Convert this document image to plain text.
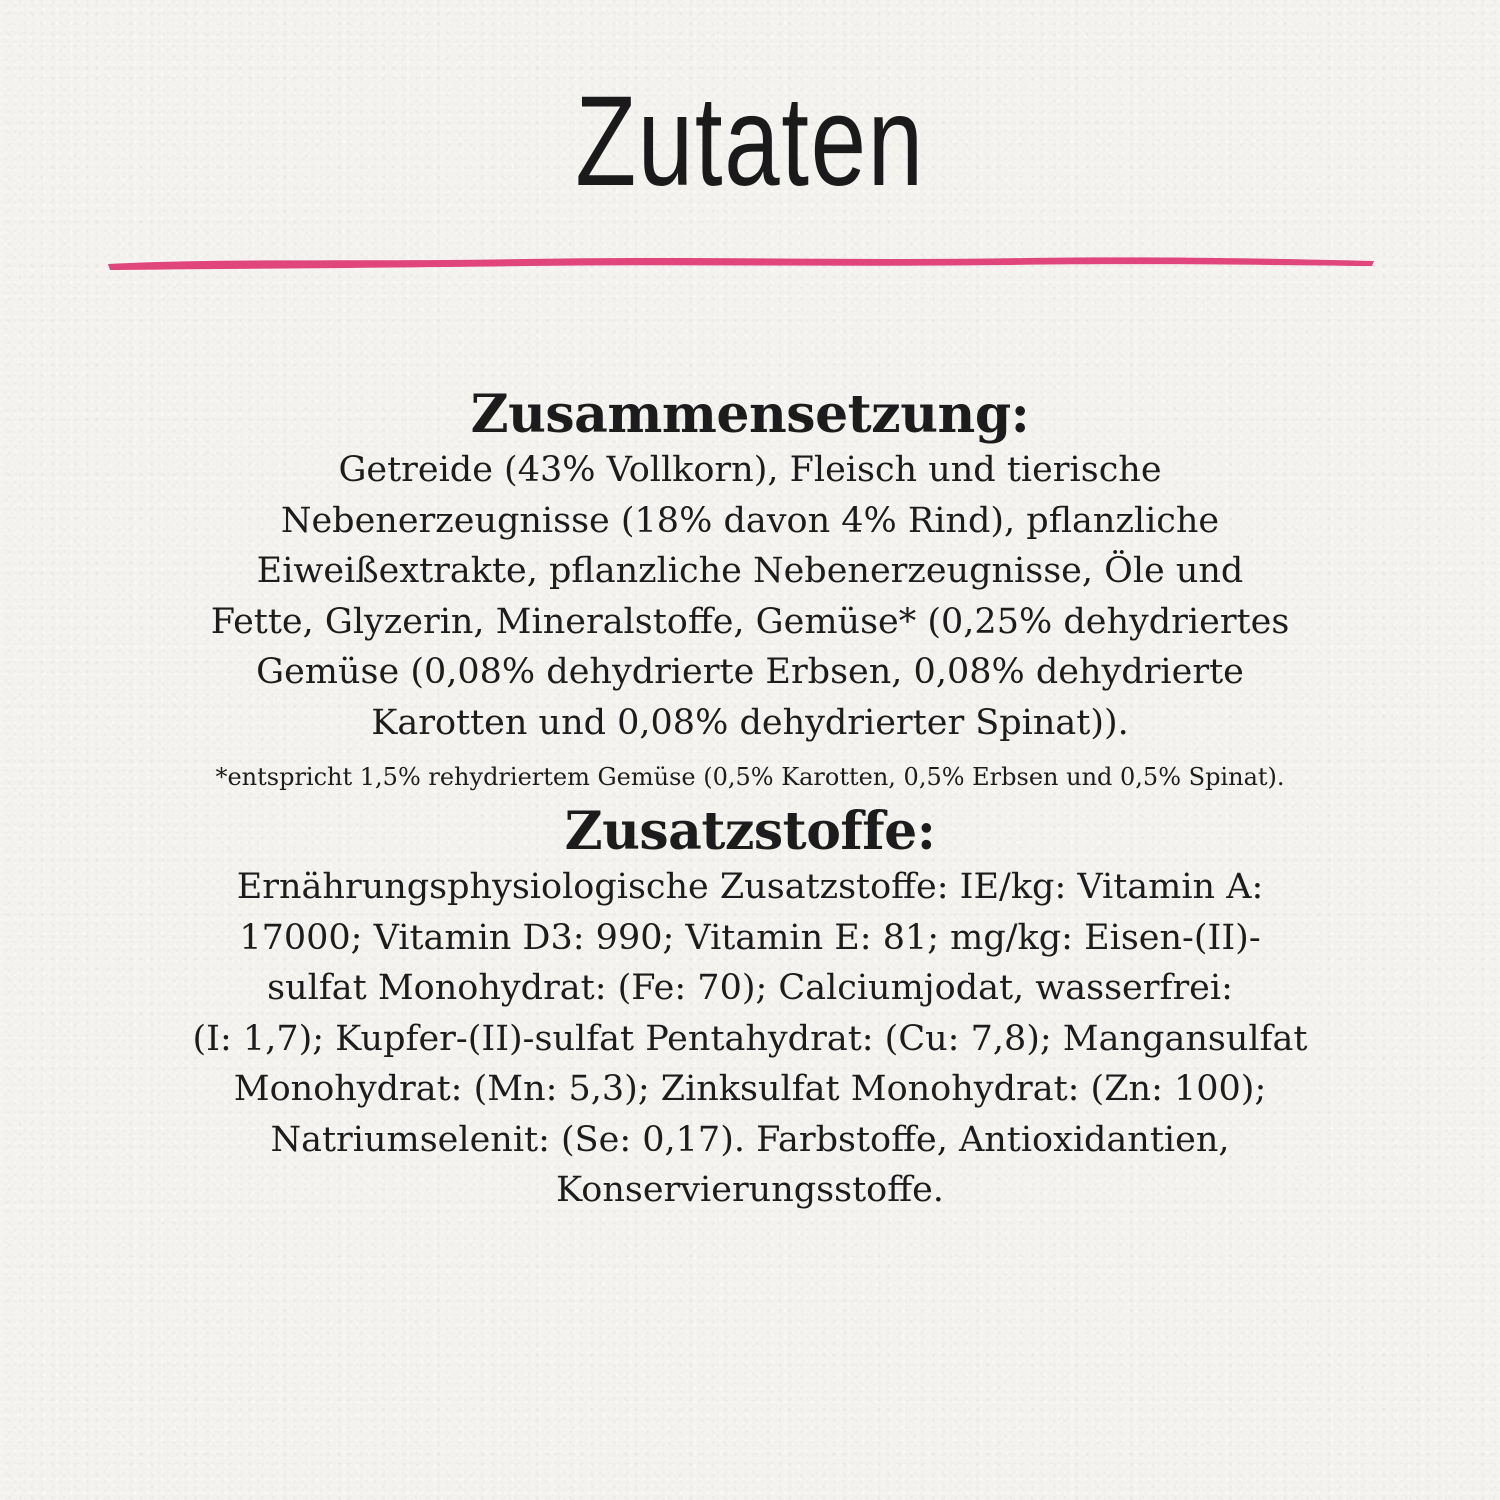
Zutaten
Zusammensetzung:
Getreide (43% Vollkorn), Fleisch und tierische
Nebenerzeugnisse (18% davon 4% Rind), pflanzliche
Eiweißextrakte, pflanzliche Nebenerzeugnisse, Öle und
Fette, Glyzerin, Mineralstoffe, Gemüse* (0,25% dehydriertes
Gemüse (0,08% dehydrierte Erbsen, 0,08% dehydrierte
Karotten und 0,08% dehydrierter Spinat)).
*entspricht 1,5% rehydriertem Gemüse (0,5% Karotten, 0,5% Erbsen und 0,5% Spinat).
Zusatzstoffe:
Ernährungsphysiologische Zusatzstoffe: IE/kg: Vitamin A:
17000; Vitamin D3: 990; Vitamin E: 81; mg/kg: Eisen-(II)-
sulfat Monohydrat: (Fe: 70); Calciumjodat, wasserfrei:
(I: 1,7); Kupfer-(II)-sulfat Pentahydrat: (Cu: 7,8); Mangansulfat
Monohydrat: (Mn: 5,3); Zinksulfat Monohydrat: (Zn: 100);
Natriumselenit: (Se: 0,17). Farbstoffe, Antioxidantien,
Konservierungsstoffe.
